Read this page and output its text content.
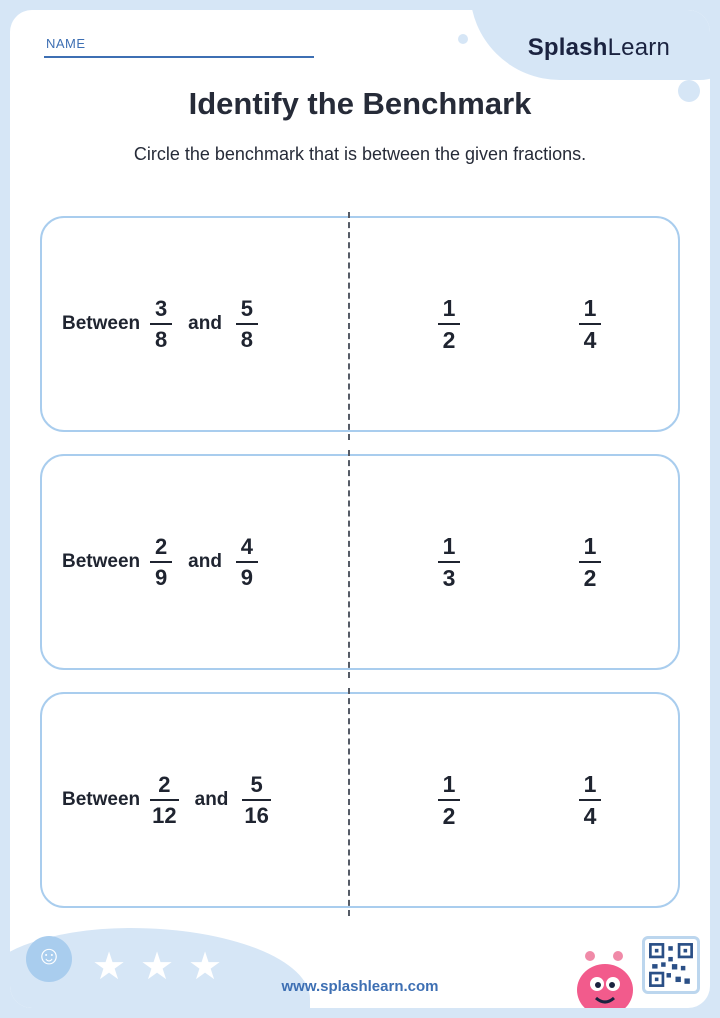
SplashLearn
NAME
Identify the Benchmark
Circle the benchmark that is between the given fractions.
Between $\frac{3}{8}$ and $\frac{5}{8}$	$\frac{1}{2}$	$\frac{1}{4}$
Between $\frac{2}{9}$ and $\frac{4}{9}$	$\frac{1}{3}$	$\frac{1}{2}$
Between $\frac{2}{12}$ and $\frac{5}{16}$	$\frac{1}{2}$	$\frac{1}{4}$
☺ ★ ★ ★	www.splashlearn.com
